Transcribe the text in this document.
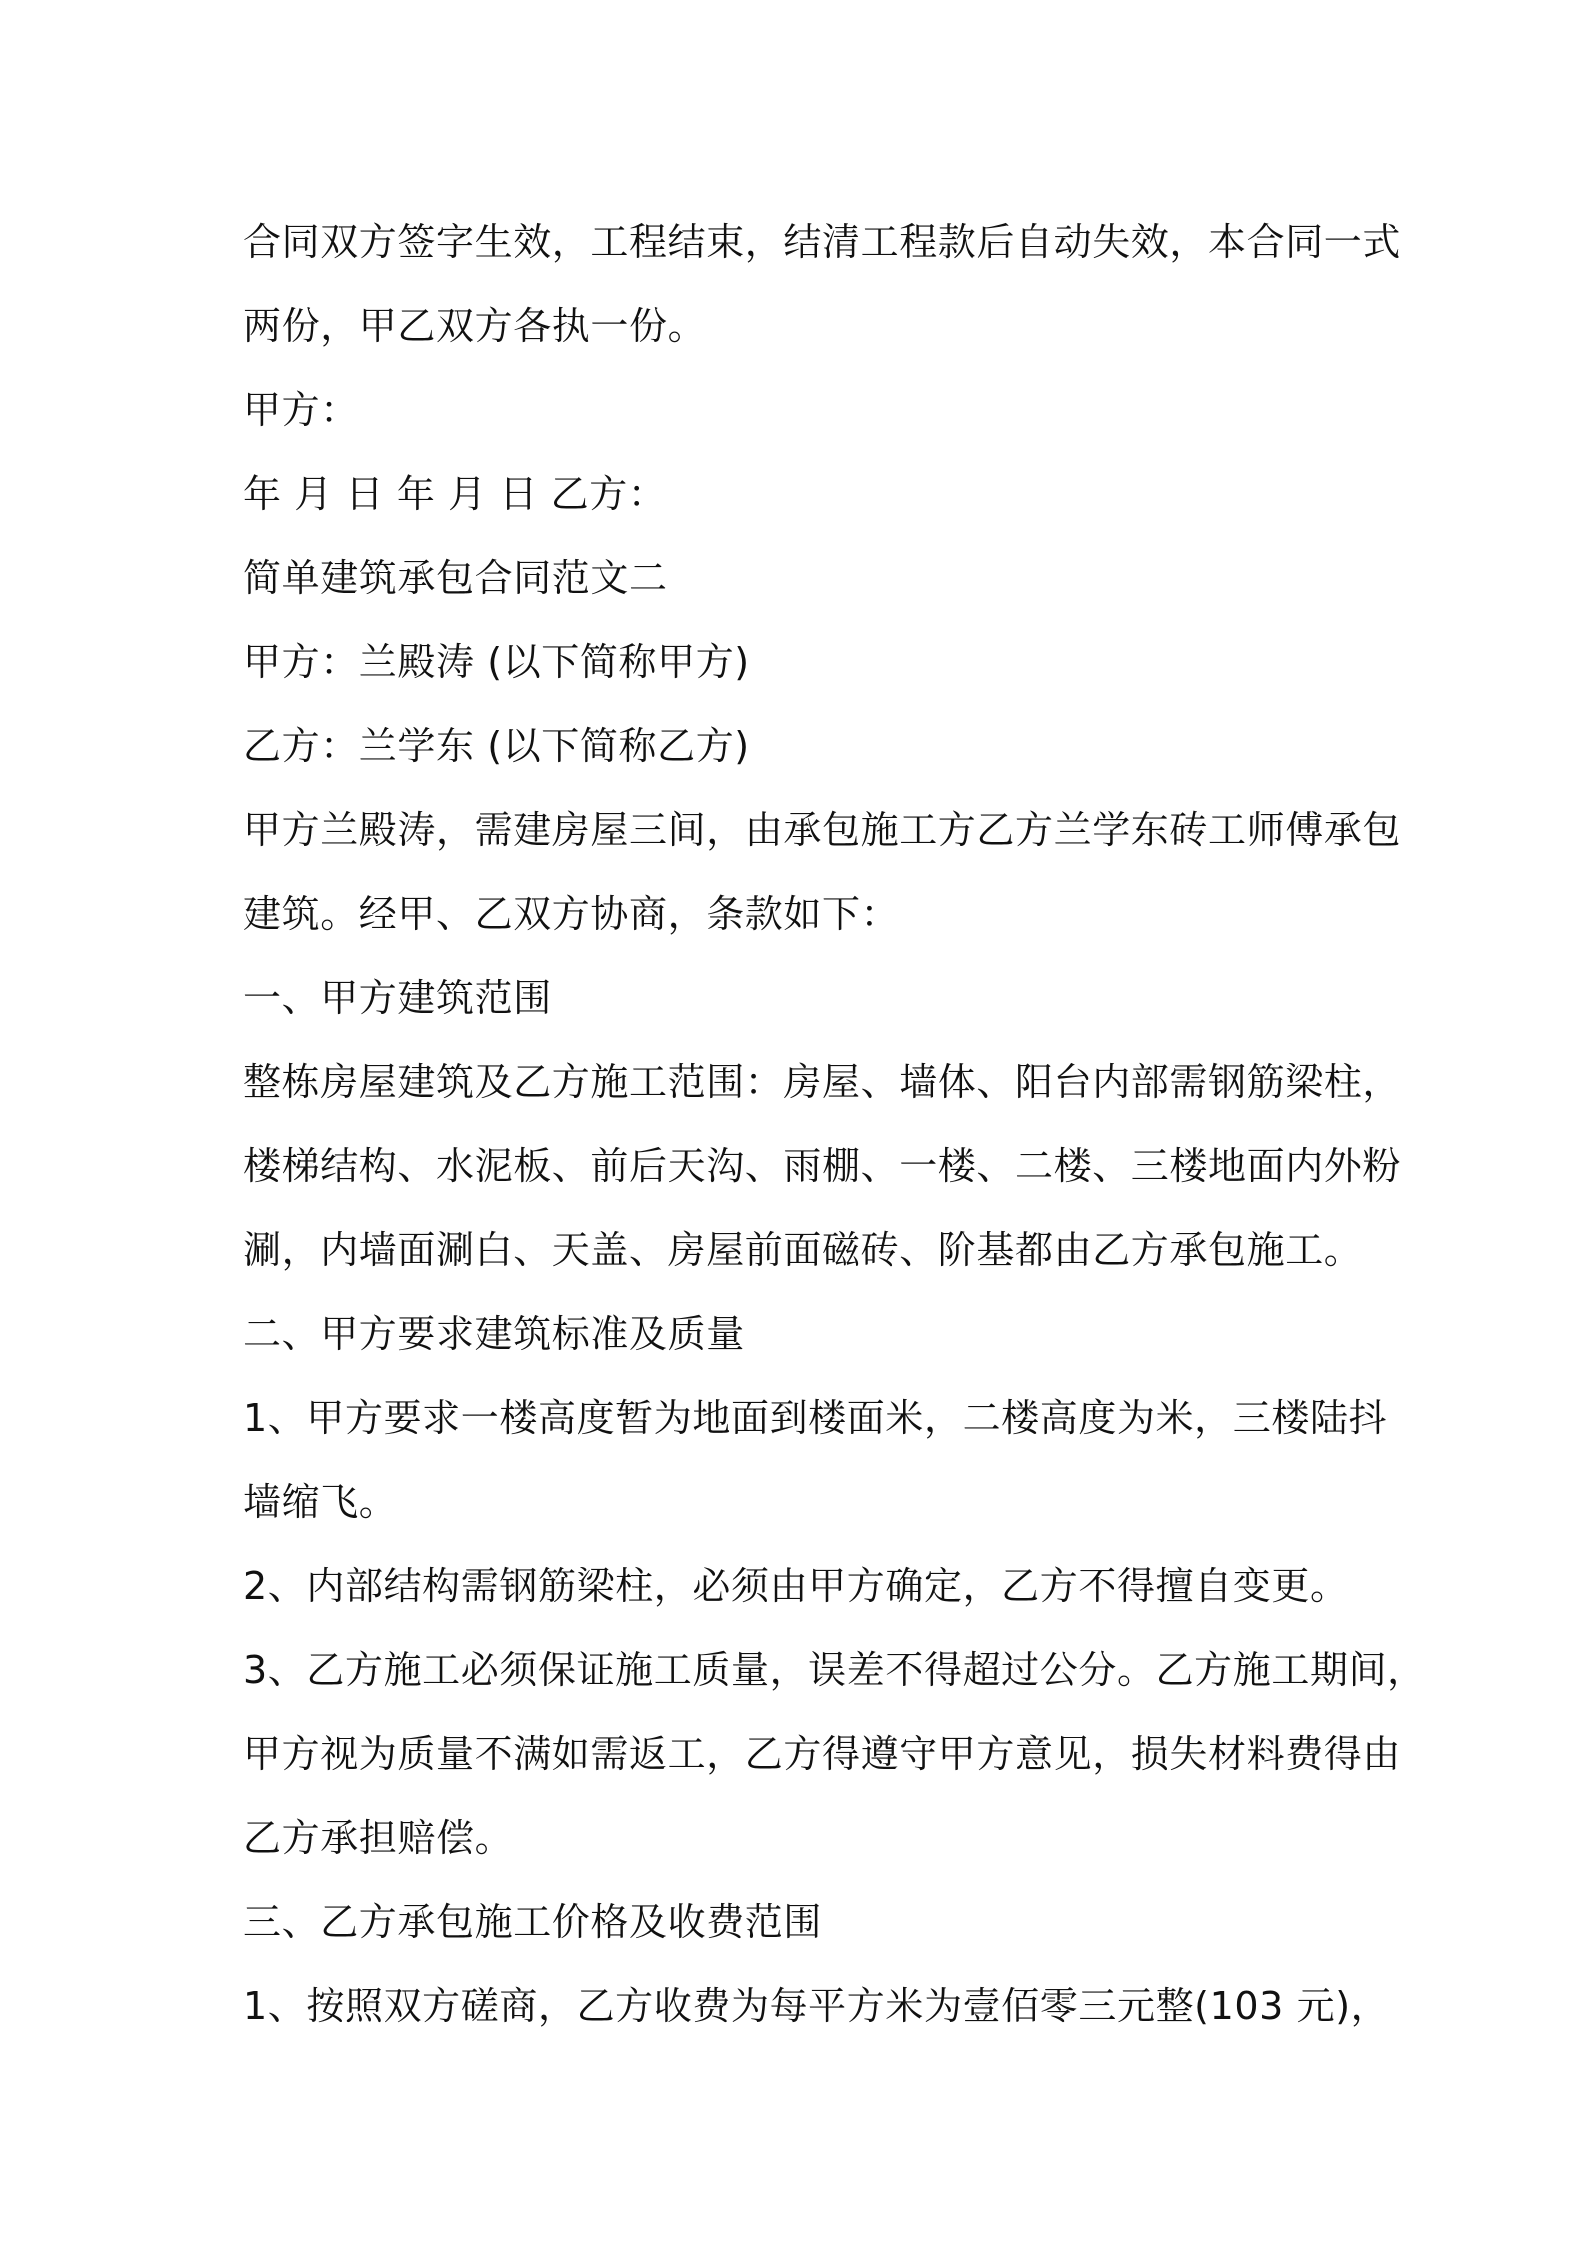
合同双方签字生效，工程结束，结清工程款后自动失效，本合同一式
两份，甲乙双方各执一份。
甲方：
年 月 日 年 月 日 乙方：
简单建筑承包合同范文二
甲方：兰殿涛 (以下简称甲方)
乙方：兰学东 (以下简称乙方)
甲方兰殿涛，需建房屋三间，由承包施工方乙方兰学东砖工师傅承包
建筑。经甲、乙双方协商，条款如下：
一、甲方建筑范围
整栋房屋建筑及乙方施工范围：房屋、墙体、阳台内部需钢筋梁柱，
楼梯结构、水泥板、前后天沟、雨棚、一楼、二楼、三楼地面内外粉
涮，内墙面涮白、天盖、房屋前面磁砖、阶基都由乙方承包施工。
二、甲方要求建筑标准及质量
1、甲方要求一楼高度暂为地面到楼面米，二楼高度为米，三楼陆抖
墙缩飞。
2、内部结构需钢筋梁柱，必须由甲方确定，乙方不得擅自变更。
3、乙方施工必须保证施工质量，误差不得超过公分。乙方施工期间，
甲方视为质量不满如需返工，乙方得遵守甲方意见，损失材料费得由
乙方承担赔偿。
三、乙方承包施工价格及收费范围
1、按照双方磋商，乙方收费为每平方米为壹佰零三元整(103 元)，
